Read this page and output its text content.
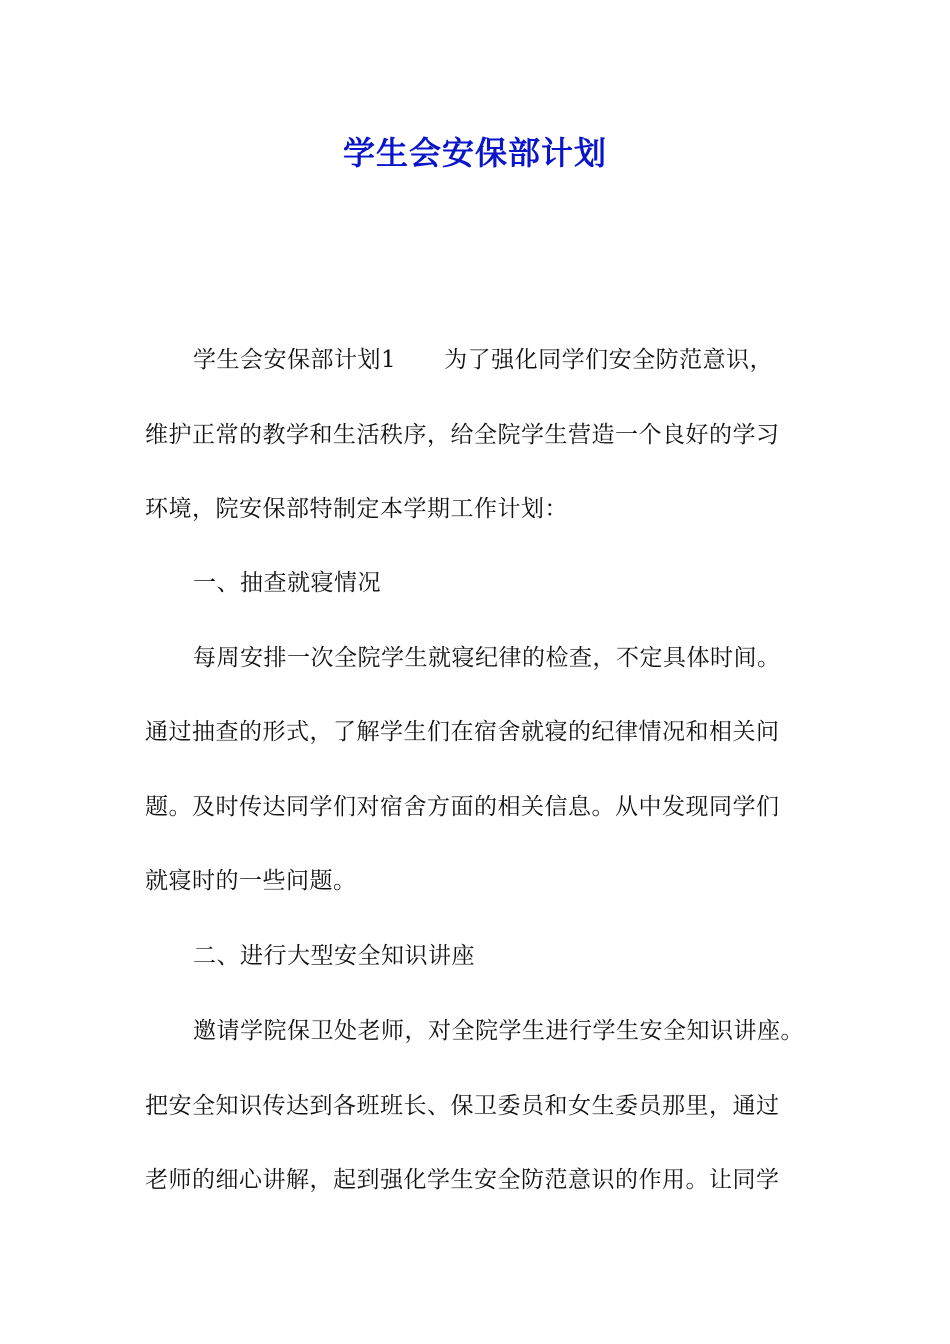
学生会安保部计划
学生会安保部计划1 为了强化同学们安全防范意识，
维护正常的教学和生活秩序，给全院学生营造一个良好的学习
环境，院安保部特制定本学期工作计划：
一、抽查就寝情况
每周安排一次全院学生就寝纪律的检查，不定具体时间。
通过抽查的形式，了解学生们在宿舍就寝的纪律情况和相关问
题。及时传达同学们对宿舍方面的相关信息。从中发现同学们
就寝时的一些问题。
二、进行大型安全知识讲座
邀请学院保卫处老师，对全院学生进行学生安全知识讲座。
把安全知识传达到各班班长、保卫委员和女生委员那里，通过
老师的细心讲解，起到强化学生安全防范意识的作用。让同学
